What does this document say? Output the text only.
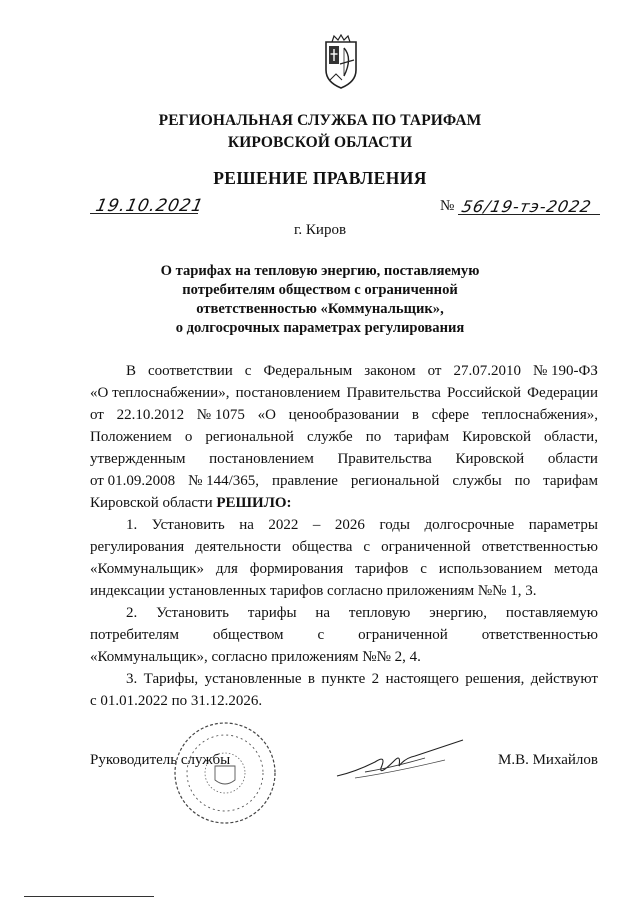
РЕГИОНАЛЬНАЯ СЛУЖБА ПО ТАРИФАМ
КИРОВСКОЙ ОБЛАСТИ
РЕШЕНИЕ ПРАВЛЕНИЯ
19.10.2021	№ 56/19-тэ-2022
г. Киров
О тарифах на тепловую энергию, поставляемую
потребителям обществом с ограниченной
ответственностью «Коммунальщик»,
о долгосрочных параметрах регулирования
В соответствии с Федеральным законом от 27.07.2010 № 190-ФЗ
«О теплоснабжении», постановлением Правительства Российской Федерации
от 22.10.2012 № 1075 «О ценообразовании в сфере теплоснабжения»,
Положением о региональной службе по тарифам Кировской области,
утвержденным постановлением Правительства Кировской области
от 01.09.2008 № 144/365, правление региональной службы по тарифам
Кировской области РЕШИЛО:
1. Установить на 2022 – 2026 годы долгосрочные параметры
регулирования деятельности общества с ограниченной ответственностью
«Коммунальщик» для формирования тарифов с использованием метода
индексации установленных тарифов согласно приложениям №№ 1, 3.
2. Установить тарифы на тепловую энергию, поставляемую
потребителям обществом с ограниченной ответственностью
«Коммунальщик», согласно приложениям №№ 2, 4.
3. Тарифы, установленные в пункте 2 настоящего решения, действуют
с 01.01.2022 по 31.12.2026.
Руководитель службы	М.В. Михайлов
